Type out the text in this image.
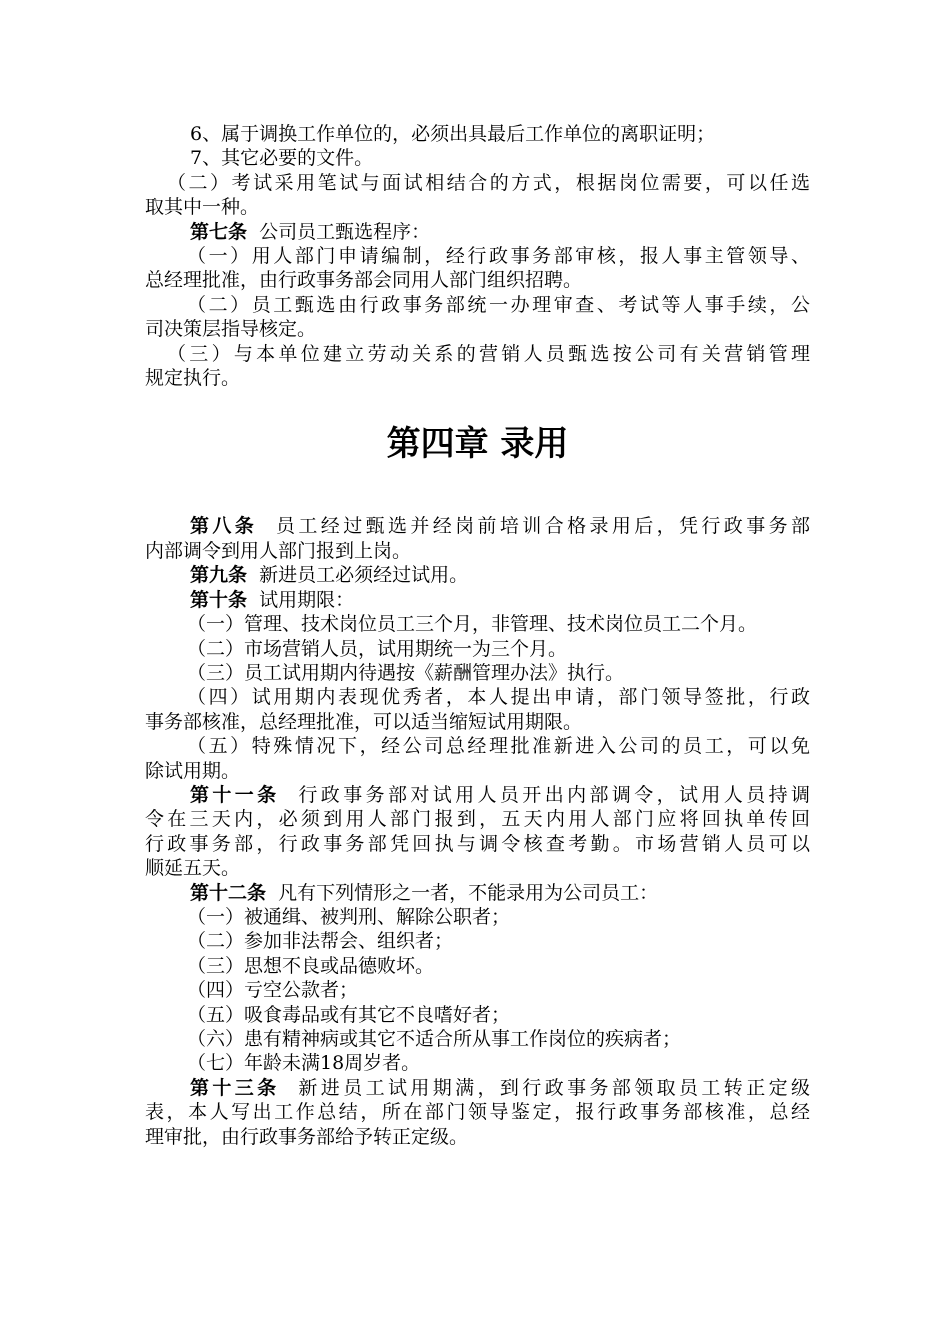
6、属于调换工作单位的，必须出具最后工作单位的离职证明；
7、其它必要的文件。
（二）考试采用笔试与面试相结合的方式，根据岗位需要，可以任选
取其中一种。
第七条 公司员工甄选程序：
（一）用人部门申请编制，经行政事务部审核，报人事主管领导、
总经理批准，由行政事务部会同用人部门组织招聘。
（二）员工甄选由行政事务部统一办理审查、考试等人事手续，公
司决策层指导核定。
（三）与本单位建立劳动关系的营销人员甄选按公司有关营销管理
规定执行。
第四章 录用
第八条 员工经过甄选并经岗前培训合格录用后，凭行政事务部
内部调令到用人部门报到上岗。
第九条 新进员工必须经过试用。
第十条 试用期限：
（一）管理、技术岗位员工三个月，非管理、技术岗位员工二个月。
（二）市场营销人员，试用期统一为三个月。
（三）员工试用期内待遇按《薪酬管理办法》执行。
（四）试用期内表现优秀者，本人提出申请，部门领导签批，行政
事务部核准，总经理批准，可以适当缩短试用期限。
（五）特殊情况下，经公司总经理批准新进入公司的员工，可以免
除试用期。
第十一条 行政事务部对试用人员开出内部调令，试用人员持调
令在三天内，必须到用人部门报到，五天内用人部门应将回执单传回
行政事务部，行政事务部凭回执与调令核查考勤。市场营销人员可以
顺延五天。
第十二条 凡有下列情形之一者，不能录用为公司员工：
（一）被通缉、被判刑、解除公职者；
（二）参加非法帮会、组织者；
（三）思想不良或品德败坏。
（四）亏空公款者；
（五）吸食毒品或有其它不良嗜好者；
（六）患有精神病或其它不适合所从事工作岗位的疾病者；
（七）年龄未满18周岁者。
第十三条 新进员工试用期满，到行政事务部领取员工转正定级
表，本人写出工作总结，所在部门领导鉴定，报行政事务部核准，总经
理审批，由行政事务部给予转正定级。
